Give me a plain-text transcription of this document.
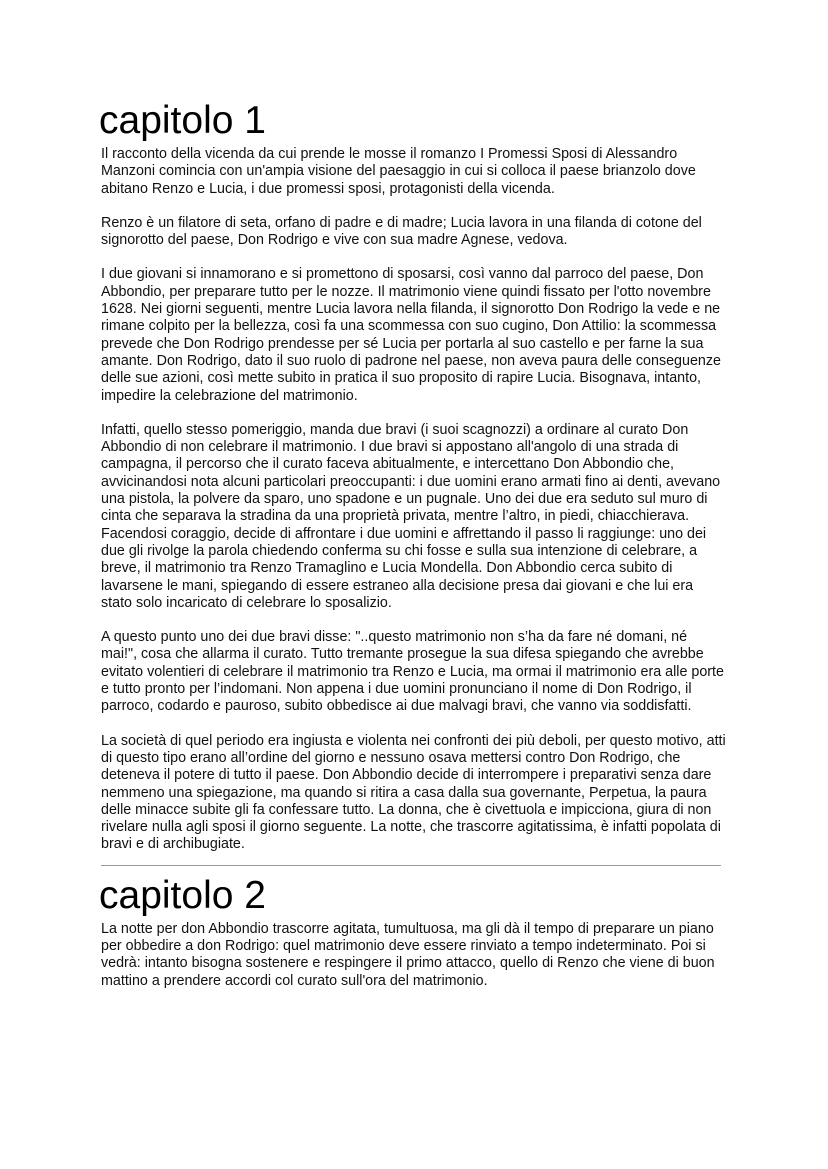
capitolo 1

Il racconto della vicenda da cui prende le mosse il romanzo I Promessi Sposi di Alessandro Manzoni comincia con un'ampia visione del paesaggio in cui si colloca il paese brianzolo dove abitano Renzo e Lucia, i due promessi sposi, protagonisti della vicenda.

Renzo è un filatore di seta, orfano di padre e di madre; Lucia lavora in una filanda di cotone del signorotto del paese, Don Rodrigo e vive con sua madre Agnese, vedova.

I due giovani si innamorano e si promettono di sposarsi, così vanno dal parroco del paese, Don Abbondio, per preparare tutto per le nozze. Il matrimonio viene quindi fissato per l'otto novembre 1628. Nei giorni seguenti, mentre Lucia lavora nella filanda, il signorotto Don Rodrigo la vede e ne rimane colpito per la bellezza, così fa una scommessa con suo cugino, Don Attilio: la scommessa prevede che Don Rodrigo prendesse per sé Lucia per portarla al suo castello e per farne la sua amante. Don Rodrigo, dato il suo ruolo di padrone nel paese, non aveva paura delle conseguenze delle sue azioni, così mette subito in pratica il suo proposito di rapire Lucia. Bisognava, intanto, impedire la celebrazione del matrimonio.

Infatti, quello stesso pomeriggio, manda due bravi (i suoi scagnozzi) a ordinare al curato Don Abbondio di non celebrare il matrimonio. I due bravi si appostano all'angolo di una strada di campagna, il percorso che il curato faceva abitualmente, e intercettano Don Abbondio che, avvicinandosi nota alcuni particolari preoccupanti: i due uomini erano armati fino ai denti, avevano una pistola, la polvere da sparo, uno spadone e un pugnale. Uno dei due era seduto sul muro di cinta che separava la stradina da una proprietà privata, mentre l’altro, in piedi, chiacchierava. Facendosi coraggio, decide di affrontare i due uomini e affrettando il passo li raggiunge: uno dei due gli rivolge la parola chiedendo conferma su chi fosse e sulla sua intenzione di celebrare, a breve, il matrimonio tra Renzo Tramaglino e Lucia Mondella. Don Abbondio cerca subito di lavarsene le mani, spiegando di essere estraneo alla decisione presa dai giovani e che lui era stato solo incaricato di celebrare lo sposalizio.

A questo punto uno dei due bravi disse: "..questo matrimonio non s’ha da fare né domani, né mai!", cosa che allarma il curato. Tutto tremante prosegue la sua difesa spiegando che avrebbe evitato volentieri di celebrare il matrimonio tra Renzo e Lucia, ma ormai il matrimonio era alle porte e tutto pronto per l’indomani. Non appena i due uomini pronunciano il nome di Don Rodrigo, il parroco, codardo e pauroso, subito obbedisce ai due malvagi bravi, che vanno via soddisfatti.

La società di quel periodo era ingiusta e violenta nei confronti dei più deboli, per questo motivo, atti di questo tipo erano all’ordine del giorno e nessuno osava mettersi contro Don Rodrigo, che deteneva il potere di tutto il paese. Don Abbondio decide di interrompere i preparativi senza dare nemmeno una spiegazione, ma quando si ritira a casa dalla sua governante, Perpetua, la paura delle minacce subite gli fa confessare tutto. La donna, che è civettuola e impicciona, giura di non rivelare nulla agli sposi il giorno seguente. La notte, che trascorre agitatissima, è infatti popolata di bravi e di archibugiate.

capitolo 2

La notte per don Abbondio trascorre agitata, tumultuosa, ma gli dà il tempo di preparare un piano per obbedire a don Rodrigo: quel matrimonio deve essere rinviato a tempo indeterminato. Poi si vedrà: intanto bisogna sostenere e respingere il primo attacco, quello di Renzo che viene di buon mattino a prendere accordi col curato sull'ora del matrimonio.
